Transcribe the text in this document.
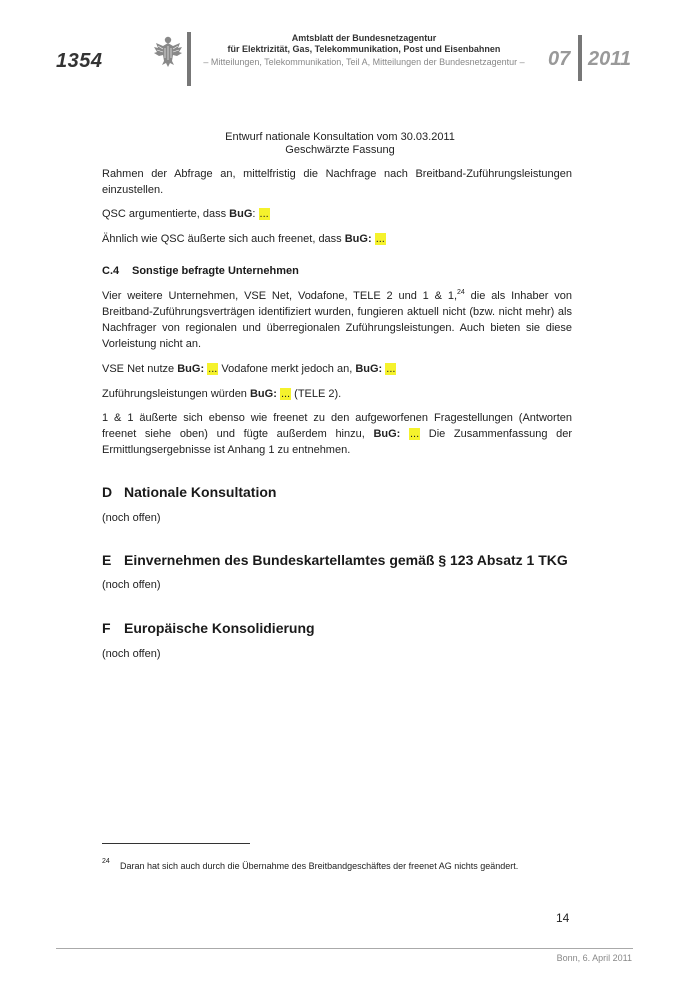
1354
Amtsblatt der Bundesnetzagentur
für Elektrizität, Gas, Telekommunikation, Post und Eisenbahnen
– Mitteilungen, Telekommunikation, Teil A, Mitteilungen der Bundesnetzagentur –	07 2011
Entwurf nationale Konsultation vom 30.03.2011
Geschwärzte Fassung
Rahmen der Abfrage an, mittelfristig die Nachfrage nach Breitband-Zuführungsleistungen einzustellen.
QSC argumentierte, dass BuG: ...
Ähnlich wie QSC äußerte sich auch freenet, dass BuG: ...
C.4 Sonstige befragte Unternehmen
Vier weitere Unternehmen, VSE Net, Vodafone, TELE 2 und 1 & 1,24 die als Inhaber von Breitband-Zuführungsverträgen identifiziert wurden, fungieren aktuell nicht (bzw. nicht mehr) als Nachfrager von regionalen und überregionalen Zuführungsleistungen. Auch bieten sie diese Vorleistung nicht an.
VSE Net nutze BuG: ... Vodafone merkt jedoch an, BuG: ...
Zuführungsleistungen würden BuG: ... (TELE 2).
1 & 1 äußerte sich ebenso wie freenet zu den aufgeworfenen Fragestellungen (Antworten freenet siehe oben) und fügte außerdem hinzu, BuG: ... Die Zusammenfassung der Ermittlungsergebnisse ist Anhang 1 zu entnehmen.
D Nationale Konsultation
(noch offen)
E Einvernehmen des Bundeskartellamtes gemäß § 123 Absatz 1 TKG
(noch offen)
F Europäische Konsolidierung
(noch offen)
24 Daran hat sich auch durch die Übernahme des Breitbandgeschäftes der freenet AG nichts geändert.
14
Bonn, 6. April 2011
